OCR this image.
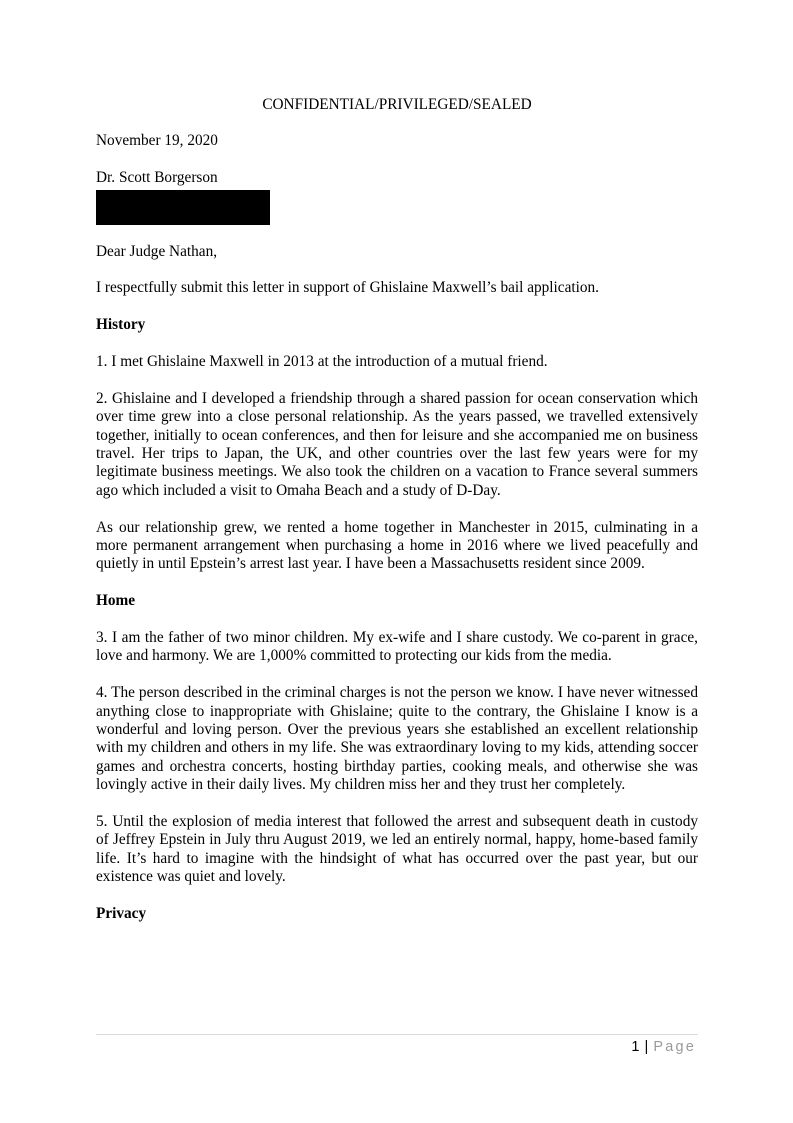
CONFIDENTIAL/PRIVILEGED/SEALED

November 19, 2020

Dr. Scott Borgerson

Dear Judge Nathan,

I respectfully submit this letter in support of Ghislaine Maxwell’s bail application.

History

1. I met Ghislaine Maxwell in 2013 at the introduction of a mutual friend.

2. Ghislaine and I developed a friendship through a shared passion for ocean conservation which over time grew into a close personal relationship. As the years passed, we travelled extensively together, initially to ocean conferences, and then for leisure and she accompanied me on business travel. Her trips to Japan, the UK, and other countries over the last few years were for my legitimate business meetings. We also took the children on a vacation to France several summers ago which included a visit to Omaha Beach and a study of D-Day.

As our relationship grew, we rented a home together in Manchester in 2015, culminating in a more permanent arrangement when purchasing a home in 2016 where we lived peacefully and quietly in until Epstein’s arrest last year. I have been a Massachusetts resident since 2009.

Home

3. I am the father of two minor children. My ex-wife and I share custody. We co-parent in grace, love and harmony. We are 1,000% committed to protecting our kids from the media.

4. The person described in the criminal charges is not the person we know. I have never witnessed anything close to inappropriate with Ghislaine; quite to the contrary, the Ghislaine I know is a wonderful and loving person. Over the previous years she established an excellent relationship with my children and others in my life. She was extraordinary loving to my kids, attending soccer games and orchestra concerts, hosting birthday parties, cooking meals, and otherwise she was lovingly active in their daily lives. My children miss her and they trust her completely.

5. Until the explosion of media interest that followed the arrest and subsequent death in custody of Jeffrey Epstein in July thru August 2019, we led an entirely normal, happy, home-based family life. It’s hard to imagine with the hindsight of what has occurred over the past year, but our existence was quiet and lovely.

Privacy

1 | Page
